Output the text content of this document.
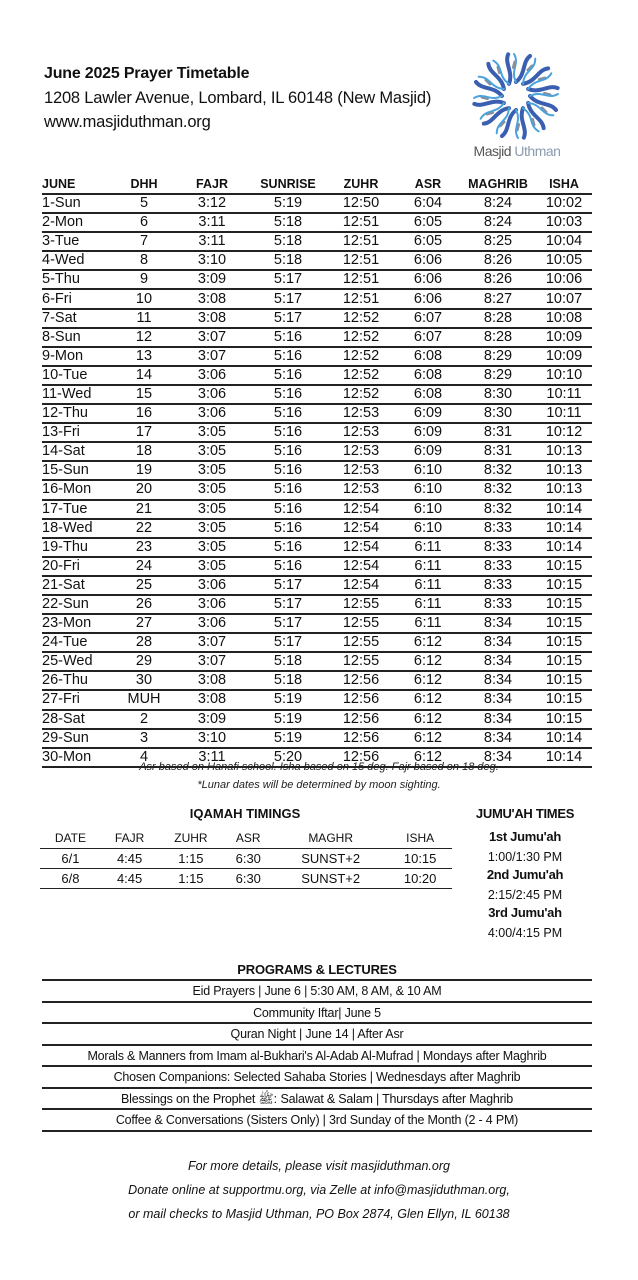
June 2025 Prayer Timetable
1208 Lawler Avenue, Lombard, IL 60148 (New Masjid)
www.masjiduthman.org
Masjid Uthman
JUNE	DHH	FAJR	SUNRISE	ZUHR	ASR	MAGHRIB	ISHA
1-Sun	5	3:12	5:19	12:50	6:04	8:24	10:02
2-Mon	6	3:11	5:18	12:51	6:05	8:24	10:03
3-Tue	7	3:11	5:18	12:51	6:05	8:25	10:04
4-Wed	8	3:10	5:18	12:51	6:06	8:26	10:05
5-Thu	9	3:09	5:17	12:51	6:06	8:26	10:06
6-Fri	10	3:08	5:17	12:51	6:06	8:27	10:07
7-Sat	11	3:08	5:17	12:52	6:07	8:28	10:08
8-Sun	12	3:07	5:16	12:52	6:07	8:28	10:09
9-Mon	13	3:07	5:16	12:52	6:08	8:29	10:09
10-Tue	14	3:06	5:16	12:52	6:08	8:29	10:10
11-Wed	15	3:06	5:16	12:52	6:08	8:30	10:11
12-Thu	16	3:06	5:16	12:53	6:09	8:30	10:11
13-Fri	17	3:05	5:16	12:53	6:09	8:31	10:12
14-Sat	18	3:05	5:16	12:53	6:09	8:31	10:13
15-Sun	19	3:05	5:16	12:53	6:10	8:32	10:13
16-Mon	20	3:05	5:16	12:53	6:10	8:32	10:13
17-Tue	21	3:05	5:16	12:54	6:10	8:32	10:14
18-Wed	22	3:05	5:16	12:54	6:10	8:33	10:14
19-Thu	23	3:05	5:16	12:54	6:11	8:33	10:14
20-Fri	24	3:05	5:16	12:54	6:11	8:33	10:15
21-Sat	25	3:06	5:17	12:54	6:11	8:33	10:15
22-Sun	26	3:06	5:17	12:55	6:11	8:33	10:15
23-Mon	27	3:06	5:17	12:55	6:11	8:34	10:15
24-Tue	28	3:07	5:17	12:55	6:12	8:34	10:15
25-Wed	29	3:07	5:18	12:55	6:12	8:34	10:15
26-Thu	30	3:08	5:18	12:56	6:12	8:34	10:15
27-Fri	MUH	3:08	5:19	12:56	6:12	8:34	10:15
28-Sat	2	3:09	5:19	12:56	6:12	8:34	10:15
29-Sun	3	3:10	5:19	12:56	6:12	8:34	10:14
30-Mon	4	3:11	5:20	12:56	6:12	8:34	10:14
Asr based on Hanafi school. Isha based on 15 deg. Fajr based on 18 deg.
*Lunar dates will be determined by moon sighting.
IQAMAH TIMINGS
DATE	FAJR	ZUHR	ASR	MAGHR	ISHA
6/1	4:45	1:15	6:30	SUNST+2	10:15
6/8	4:45	1:15	6:30	SUNST+2	10:20
JUMU'AH TIMES
1st Jumu'ah
1:00/1:30 PM
2nd Jumu'ah
2:15/2:45 PM
3rd Jumu'ah
4:00/4:15 PM
PROGRAMS & LECTURES
Eid Prayers | June 6 | 5:30 AM, 8 AM, & 10 AM
Community Iftar| June 5
Quran Night | June 14 | After Asr
Morals & Manners from Imam al-Bukhari's Al-Adab Al-Mufrad | Mondays after Maghrib
Chosen Companions: Selected Sahaba Stories | Wednesdays after Maghrib
Blessings on the Prophet ﷺ: Salawat & Salam | Thursdays after Maghrib
Coffee & Conversations (Sisters Only) | 3rd Sunday of the Month (2 - 4 PM)
For more details, please visit masjiduthman.org
Donate online at supportmu.org, via Zelle at info@masjiduthman.org,
or mail checks to Masjid Uthman, PO Box 2874, Glen Ellyn, IL 60138
